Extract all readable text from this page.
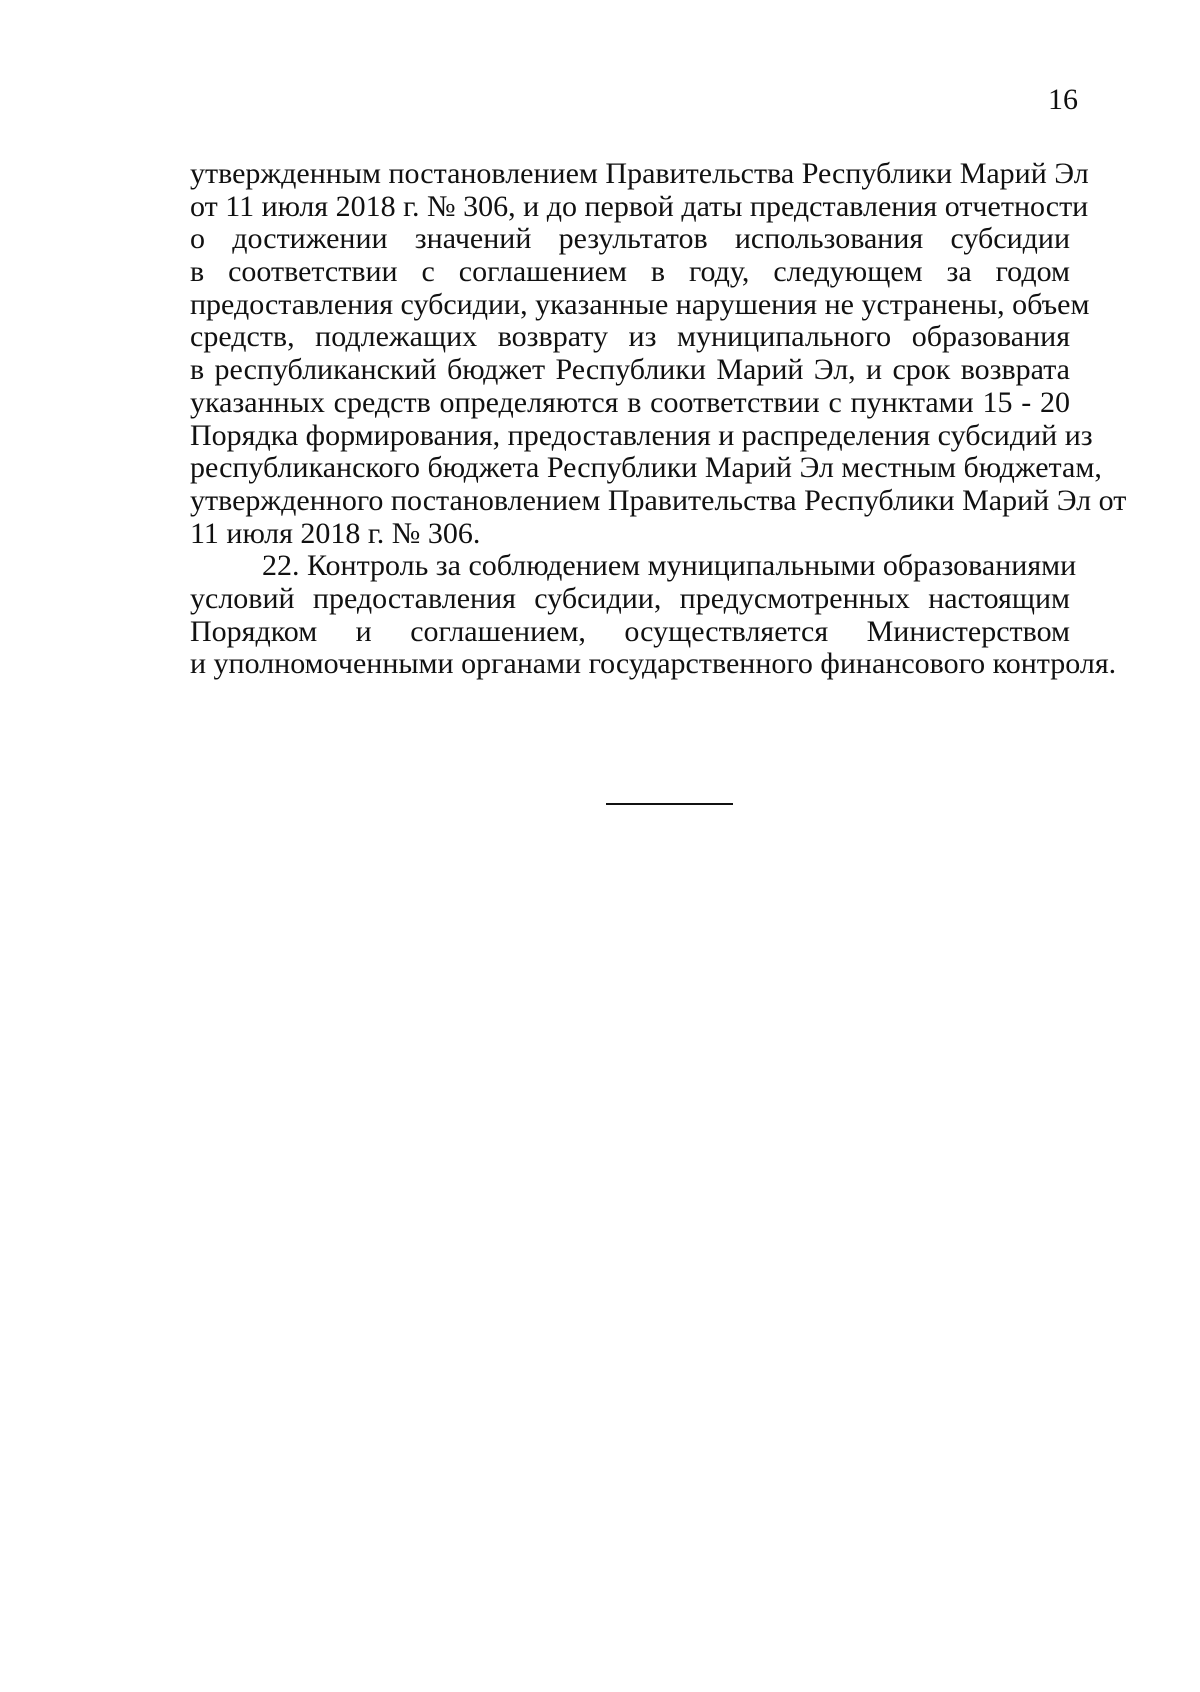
16
утвержденным постановлением Правительства Республики Марий Эл
от 11 июля 2018 г. № 306, и до первой даты представления отчетности
о достижении значений результатов использования субсидии
в соответствии с соглашением в году, следующем за годом
предоставления субсидии, указанные нарушения не устранены, объем
средств, подлежащих возврату из муниципального образования
в республиканский бюджет Республики Марий Эл, и срок возврата
указанных средств определяются в соответствии с пунктами 15 - 20
Порядка формирования, предоставления и распределения субсидий из
республиканского бюджета Республики Марий Эл местным бюджетам,
утвержденного постановлением Правительства Республики Марий Эл от
11 июля 2018 г. № 306.
22. Контроль за соблюдением муниципальными образованиями
условий предоставления субсидии, предусмотренных настоящим
Порядком и соглашением, осуществляется Министерством
и уполномоченными органами государственного финансового контроля.
